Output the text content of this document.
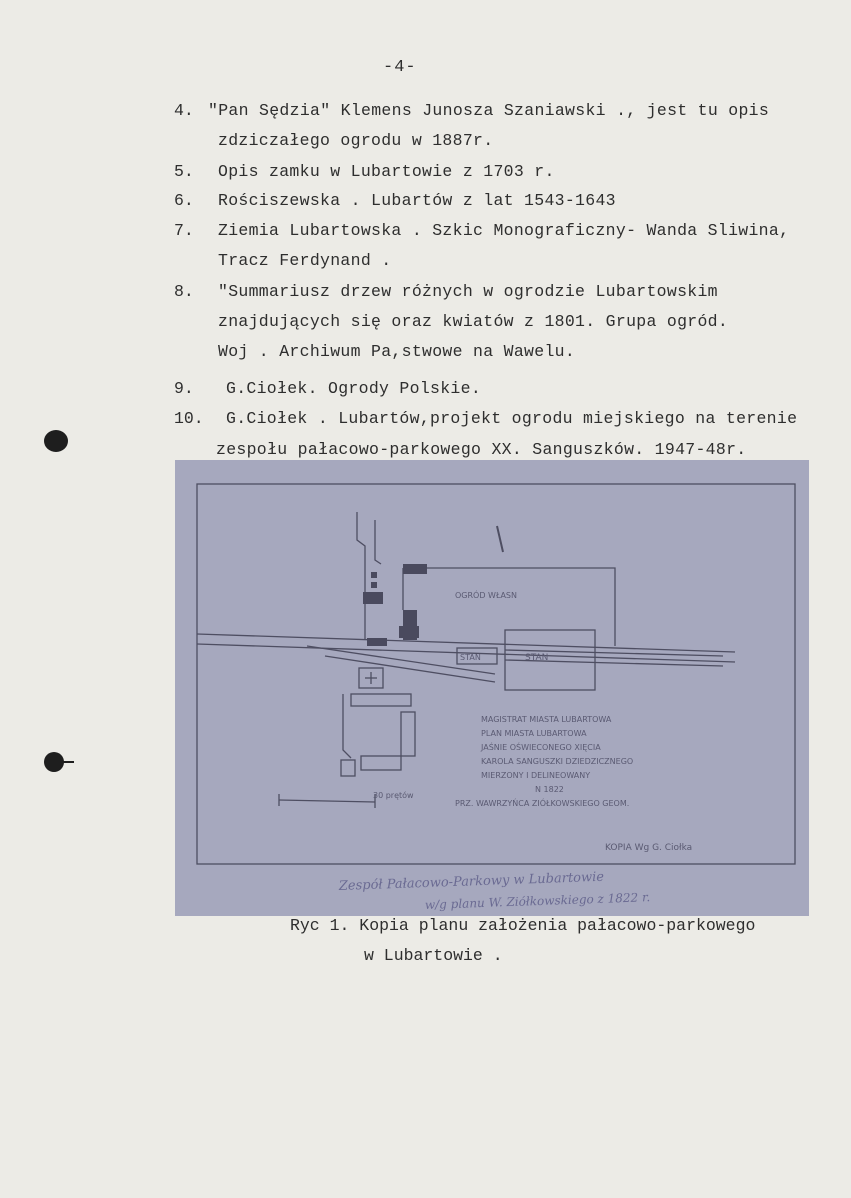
-4-
4. "Pan Sędzia" Klemens Junosza Szaniawski ., jest tu opis
zdziczałego ogrodu w 1887r.
5. Opis zamku w Lubartowie z 1703 r.
6. Rościszewska . Lubartów z lat 1543-1643
7. Ziemia Lubartowska . Szkic Monograficzny- Wanda Sliwina,
Tracz Ferdynand .
8. "Summariusz drzew różnych w ogrodzie Lubartowskim
znajdujących się oraz kwiatów z 1801. Grupa ogród.
Woj . Archiwum Pa,stwowe na Wawelu.
9. G.Ciołek. Ogrody Polskie.
10. G.Ciołek . Lubartów,projekt ogrodu miejskiego na terenie
zespołu pałacowo-parkowego XX. Sanguszków. 1947-48r.
OGRÓD WŁASN
STAN	STAN
MAGISTRAT MIASTA LUBARTOWA
PLAN MIASTA LUBARTOWA
JAŚNIE OŚWIECONEGO XIĘCIA
KAROLA SANGUSZKI DZIEDZICZNEGO
MIERZONY I DELINEOWANY
N 1822
PRZ. WAWRZYŃCA ZIÓŁKOWSKIEGO GEOM.
30 prętów
KOPIA Wg G. Ciołka
Zespół Pałacowo-Parkowy w Lubartowie
w/g planu W. Ziółkowskiego z 1822 r.
Ryc 1. Kopia planu założenia pałacowo-parkowego
w Lubartowie .
